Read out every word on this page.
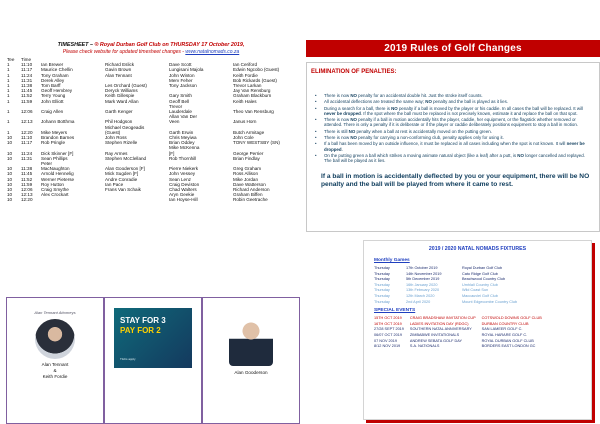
TIMESHEET – ® Royal Durban Golf Club on THURSDAY 17 October 2019,
Please check website for updated timesheet changes - www.natalnomads.co.za
Tee	Time				
1	11:10	Ian Brewer	Richard Eslick	Dave Scott	Ian Ceriford
1	11:17	Maurice Chellin	Gavin Brown	Lungisani Majola	Edwin Ngcobo (Guest)
1	11:24	Tony Graham	Alan Tennant	John Winton	Keith Fordie
1	11:31	Derek Alley		Merv Feher	Bob Rickards (Guest)
1	11:38	Tom Barff	Les Orchard (Guest)	Tony Jackson	Trevor Larkan
1	11:45	Geoff Hembrey	Deryck Williams		Jay Van Rensburg
1	11:52	Terry Young	Keith Gillespie	Gary Smith	Graham Blackburn
1	11:59	John Elliott	Mark Ward Allan	Geoff Bell	Keith Hales
				Trevor	
1	12:06	Craig Allen	Garth Kenger	Lauderdale	Theo Van Rensburg
				Allan Van Der	
1	12:13	Johann Botthma	Phil Hodgson	Veen	Janus Horn
			Michael Geogeadis		
1	12:20	Mike Meyers	(Guest)	Garth Erwin	Butch Armitage
10	11:10	Brandon Barnes	John Ross	Chris Meyiwa	John Cole
10	11:17	Rob Pringle	Stephen Rizelle	Brian Oddey	TONY WESTSBY (SN)
				Mike McKenna	
10	11:24	Dick Skinner [F]	Ray Armes	[F]	George Perrier
10	11:31	Sean Phillips	Stephen McClelland	Rob Thornhill	Brian Findlay
		Peter			
10	11:38	MacNaughton	Alan Gooderson [F]	Pierre Niekerk	Greg Graham
10	11:45	Arnold Hennelig	Mick Sugden [F]	John Vessey	Ross Allison
10	11:52	Werner Pieterse	Andre Conradie	Sean Lenz	Mike Jordan
10	11:59	Roy Hutton	Ian Pace	Craig Deviston	Dave Watterson
10	12:06	Craig Smythe	Frans Van Schaik	Chad Walters	Richard Anderson
10	12:13	Alex Crockart		Aryn Geekie	Graham Biffen
10	12:20			Ian Hoyse-Hill	Robin Geetrache
Alan Tennant Attorneys
Alan Tennant
&
Keith Fordie
STAY FOR 3
PAY FOR 2
T&Cs apply
Alan Gooderson
2019 Rules of Golf Changes
ELIMINATION OF PENALTIES:
• There is now NO penalty for an accidental double hit. Just the stroke itself counts.
• All accidental deflections are treated the same way; NO penalty and the ball is played as it lies.
• During a search for a ball, there is NO penalty if a ball is moved by the player or his caddie. In all cases the ball will be replaced. It will never be dropped. If the spot where the ball must be replaced is not precisely known, estimate it and replace the ball on that spot.
• There is now NO penalty if a ball in motion accidentally hits the player, caddie, her equipment, or the flagstick whether removed or attended. There is only a penalty if it is deliberate or if the player or caddie deliberately positions equipment to stop a ball in motion.
• There is still NO penalty when a ball at rest is accidentally moved on the putting green.
• There is now NO penalty for carrying a non-conforming club, penalty applies only for using it.
• If a ball has been moved by an outside influence, it must be replaced in all cases including when the spot is not known. It will never be dropped.
• On the putting green a ball which strikes a moving animate natural object (like a leaf) after a putt, is NO longer cancelled and replayed. The ball will be played as it lies.
If a ball in motion is accidentally deflected by you or your equipment, there will be NO penalty and the ball will be played from where it came to rest.
2019 / 2020 NATAL NOMADS FIXTURES
Monthly Games
Thursday	17th October 2019	Royal Durban Golf Club
Thursday	14th November 2019	Cato Ridge Golf Club
Thursday	5th December 2019	Beachwood Country Club
Thursday	16th January 2020	Umhlali Country Club
Thursday	13th February 2020	Wild Coast Sun
Thursday	12th March 2020	Maccauvlei Golf Club
Thursday	2nd April 2020	Mount Edgecombe Country Club
SPECIAL EVENTS
15TH OCT 2019	CRAIG BRADSHAW INVITATION CUP	COTSWOLD DOWNS GOLF CLUB
16TH OCT 2019	LADIES INVITATION DAY (RDGC)	DURBAN COUNTRY CLUB
27/28 SEPT 2019	SOUTHERN NATAL ANNIVERSARY	SAN LAMEER GOLF C.
06/07 OCT 2019	ZIMBABWE INVITATIONALS	ROYAL HARARE GOLF C.
07 NOV 2019	ANDREW SEBATA GOLF DAY	ROYAL DURBAN GOLF CLUB
8/12 NOV 2019	S.A. NATIONALS	BORDERS EAST LONDON GC
